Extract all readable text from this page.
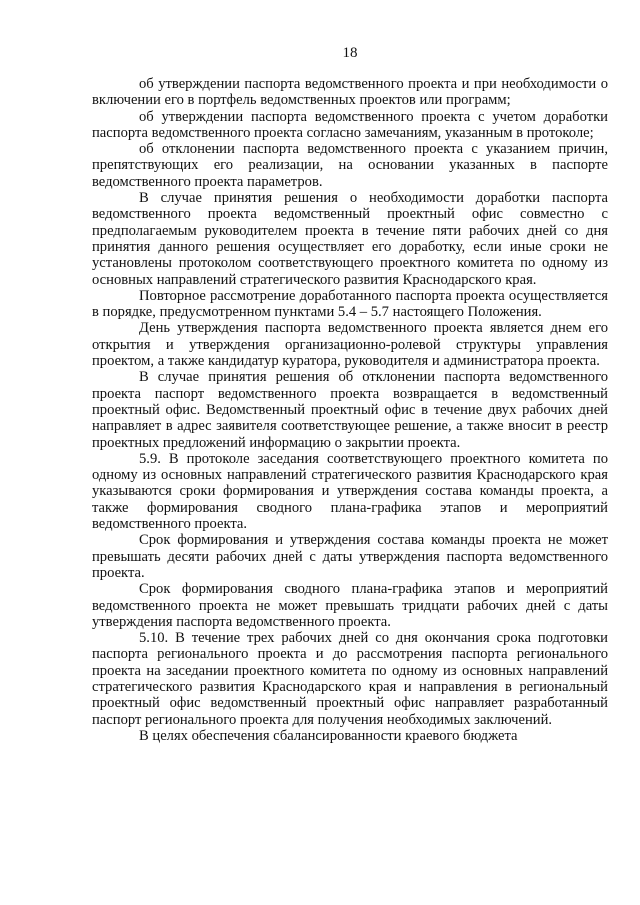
18

об утверждении паспорта ведомственного проекта и при необходимости о включении его в портфель ведомственных проектов или программ;

об утверждении паспорта ведомственного проекта с учетом доработки паспорта ведомственного проекта согласно замечаниям, указанным в протоколе;

об отклонении паспорта ведомственного проекта с указанием причин, препятствующих его реализации, на основании указанных в паспорте ведомственного проекта параметров.

В случае принятия решения о необходимости доработки паспорта ведомственного проекта ведомственный проектный офис совместно с предполагаемым руководителем проекта в течение пяти рабочих дней со дня принятия данного решения осуществляет его доработку, если иные сроки не установлены протоколом соответствующего проектного комитета по одному из основных направлений стратегического развития Краснодарского края.

Повторное рассмотрение доработанного паспорта проекта осуществляется в порядке, предусмотренном пунктами 5.4 – 5.7 настоящего Положения.

День утверждения паспорта ведомственного проекта является днем его открытия и утверждения организационно-ролевой структуры управления проектом, а также кандидатур куратора, руководителя и администратора проекта.

В случае принятия решения об отклонении паспорта ведомственного проекта паспорт ведомственного проекта возвращается в ведомственный проектный офис. Ведомственный проектный офис в течение двух рабочих дней направляет в адрес заявителя соответствующее решение, а также вносит в реестр проектных предложений информацию о закрытии проекта.

5.9. В протоколе заседания соответствующего проектного комитета по одному из основных направлений стратегического развития Краснодарского края указываются сроки формирования и утверждения состава команды проекта, а также формирования сводного плана-графика этапов и мероприятий ведомственного проекта.

Срок формирования и утверждения состава команды проекта не может превышать десяти рабочих дней с даты утверждения паспорта ведомственного проекта.

Срок формирования сводного плана-графика этапов и мероприятий ведомственного проекта не может превышать тридцати рабочих дней с даты утверждения паспорта ведомственного проекта.

5.10. В течение трех рабочих дней со дня окончания срока подготовки паспорта регионального проекта и до рассмотрения паспорта регионального проекта на заседании проектного комитета по одному из основных направлений стратегического развития Краснодарского края и направления в региональный проектный офис ведомственный проектный офис направляет разработанный паспорт регионального проекта для получения необходимых заключений.

В целях обеспечения сбалансированности краевого бюджета
